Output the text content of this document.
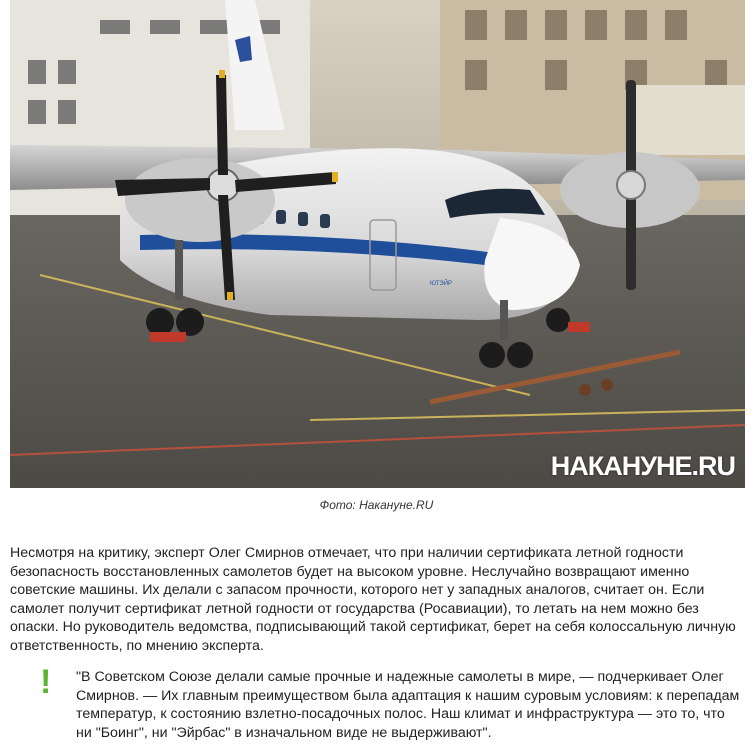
АН-24РВ
ЮТЭЙР
НАКАНУНЕ.RU
Фото: Накануне.RU

Несмотря на критику, эксперт Олег Смирнов отмечает, что при наличии сертификата летной годности безопасность восстановленных самолетов будет на высоком уровне. Неслучайно возвращают именно советские машины. Их делали с запасом прочности, которого нет у западных аналогов, считает он. Если самолет получит сертификат летной годности от государства (Росавиации), то летать на нем можно без опаски. Но руководитель ведомства, подписывающий такой сертификат, берет на себя колоссальную личную ответственность, по мнению эксперта.

! "В Советском Союзе делали самые прочные и надежные самолеты в мире, — подчеркивает Олег Смирнов. — Их главным преимуществом была адаптация к нашим суровым условиям: к перепадам температур, к состоянию взлетно-посадочных полос. Наш климат и инфраструктура — это то, что ни "Боинг", ни "Эйрбас" в изначальном виде не выдерживают".
